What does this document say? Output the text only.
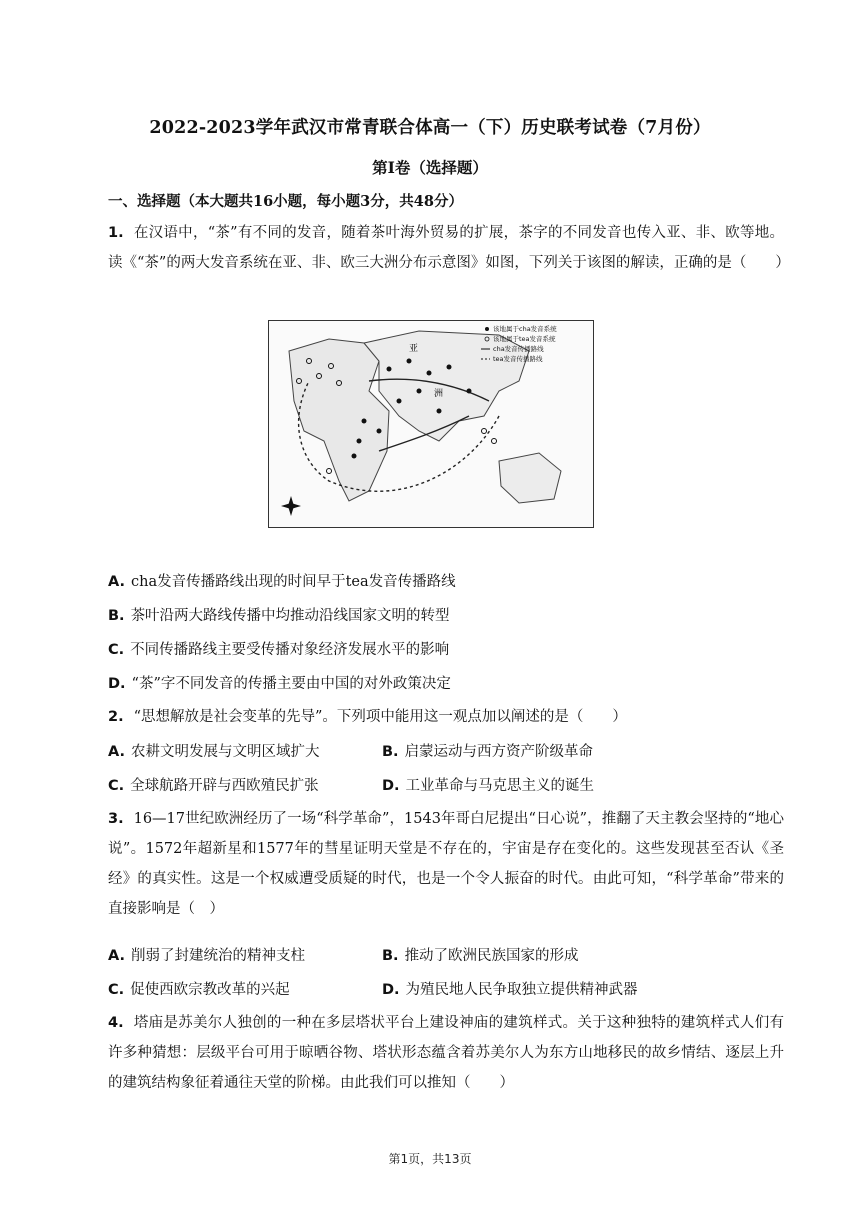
2022-2023学年武汉市常青联合体高一（下）历史联考试卷（7月份）
第I卷（选择题）
一、选择题（本大题共16小题，每小题3分，共48分）
1. 在汉语中，“茶”有不同的发音，随着茶叶海外贸易的扩展，茶字的不同发音也传入亚、非、欧等地。读《“茶”的两大发音系统在亚、非、欧三大洲分布示意图》如图，下列关于该图的解读，正确的是（　　）
亚
洲
该地属于cha发音系统
该地属于tea发音系统
cha发音传播路线
tea发音传播路线
A. cha发音传播路线出现的时间早于tea发音传播路线
B. 茶叶沿两大路线传播中均推动沿线国家文明的转型
C. 不同传播路线主要受传播对象经济发展水平的影响
D. “茶”字不同发音的传播主要由中国的对外政策决定
2. “思想解放是社会变革的先导”。下列项中能用这一观点加以阐述的是（　　）
A. 农耕文明发展与文明区域扩大	B. 启蒙运动与西方资产阶级革命
C. 全球航路开辟与西欧殖民扩张	D. 工业革命与马克思主义的诞生
3. 16—17世纪欧洲经历了一场“科学革命”，1543年哥白尼提出“日心说”，推翻了天主教会坚持的“地心说”。1572年超新星和1577年的彗星证明天堂是不存在的，宇宙是存在变化的。这些发现甚至否认《圣经》的真实性。这是一个权威遭受质疑的时代，也是一个令人振奋的时代。由此可知，“科学革命”带来的直接影响是（　）
A. 削弱了封建统治的精神支柱	B. 推动了欧洲民族国家的形成
C. 促使西欧宗教改革的兴起	D. 为殖民地人民争取独立提供精神武器
4. 塔庙是苏美尔人独创的一种在多层塔状平台上建设神庙的建筑样式。关于这种独特的建筑样式人们有许多种猜想：层级平台可用于晾晒谷物、塔状形态蕴含着苏美尔人为东方山地移民的故乡情结、逐层上升的建筑结构象征着通往天堂的阶梯。由此我们可以推知（　　）
第1页，共13页
